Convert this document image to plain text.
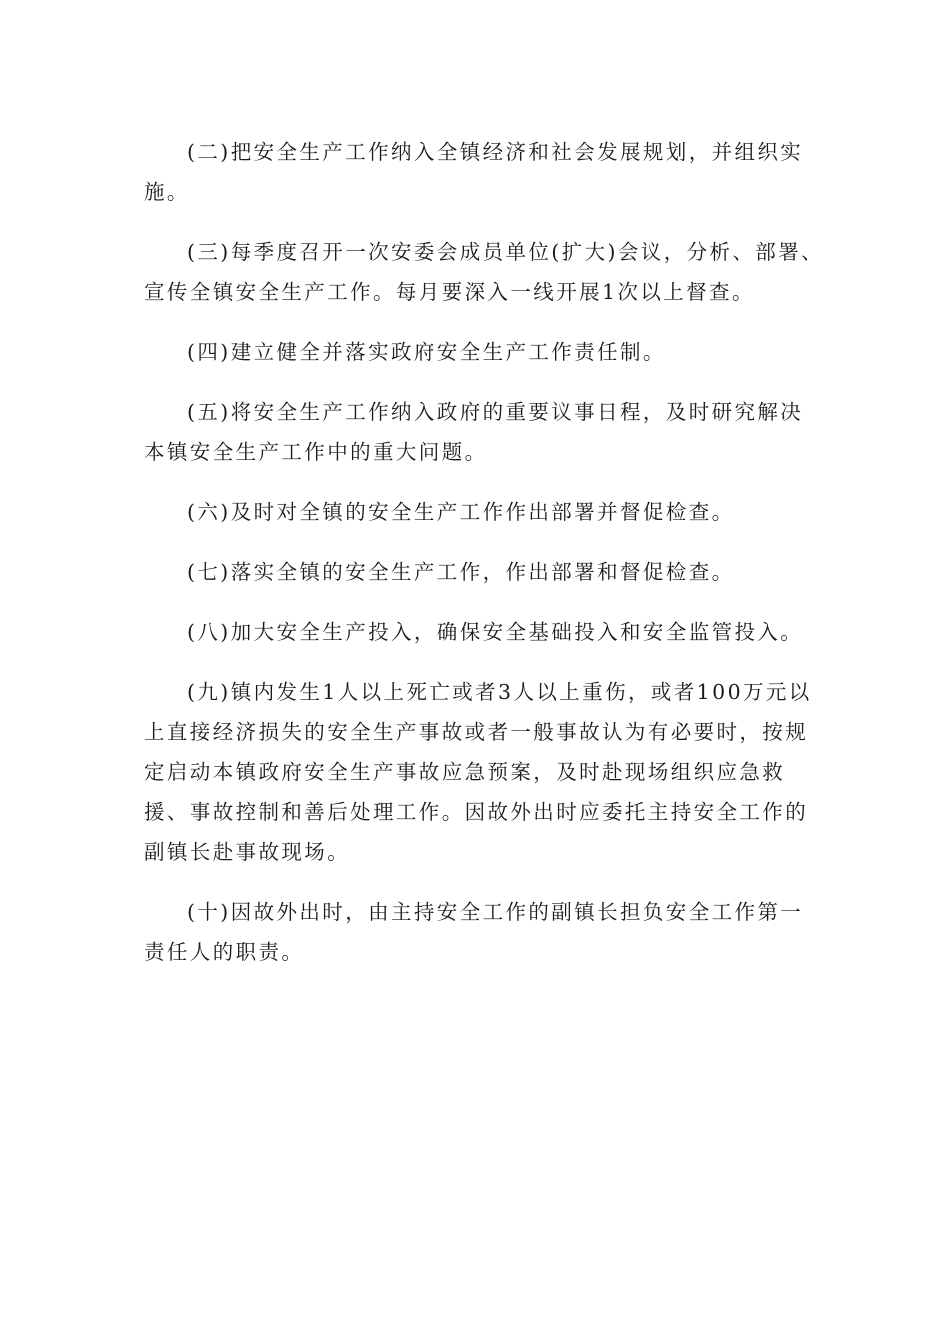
(二)把安全生产工作纳入全镇经济和社会发展规划，并组织实施。

(三)每季度召开一次安委会成员单位(扩大)会议，分析、部署、宣传全镇安全生产工作。每月要深入一线开展1次以上督查。

(四)建立健全并落实政府安全生产工作责任制。

(五)将安全生产工作纳入政府的重要议事日程，及时研究解决本镇安全生产工作中的重大问题。

(六)及时对全镇的安全生产工作作出部署并督促检查。

(七)落实全镇的安全生产工作，作出部署和督促检查。

(八)加大安全生产投入，确保安全基础投入和安全监管投入。

(九)镇内发生1人以上死亡或者3人以上重伤，或者100万元以上直接经济损失的安全生产事故或者一般事故认为有必要时，按规定启动本镇政府安全生产事故应急预案，及时赴现场组织应急救援、事故控制和善后处理工作。因故外出时应委托主持安全工作的副镇长赴事故现场。

(十)因故外出时，由主持安全工作的副镇长担负安全工作第一责任人的职责。
